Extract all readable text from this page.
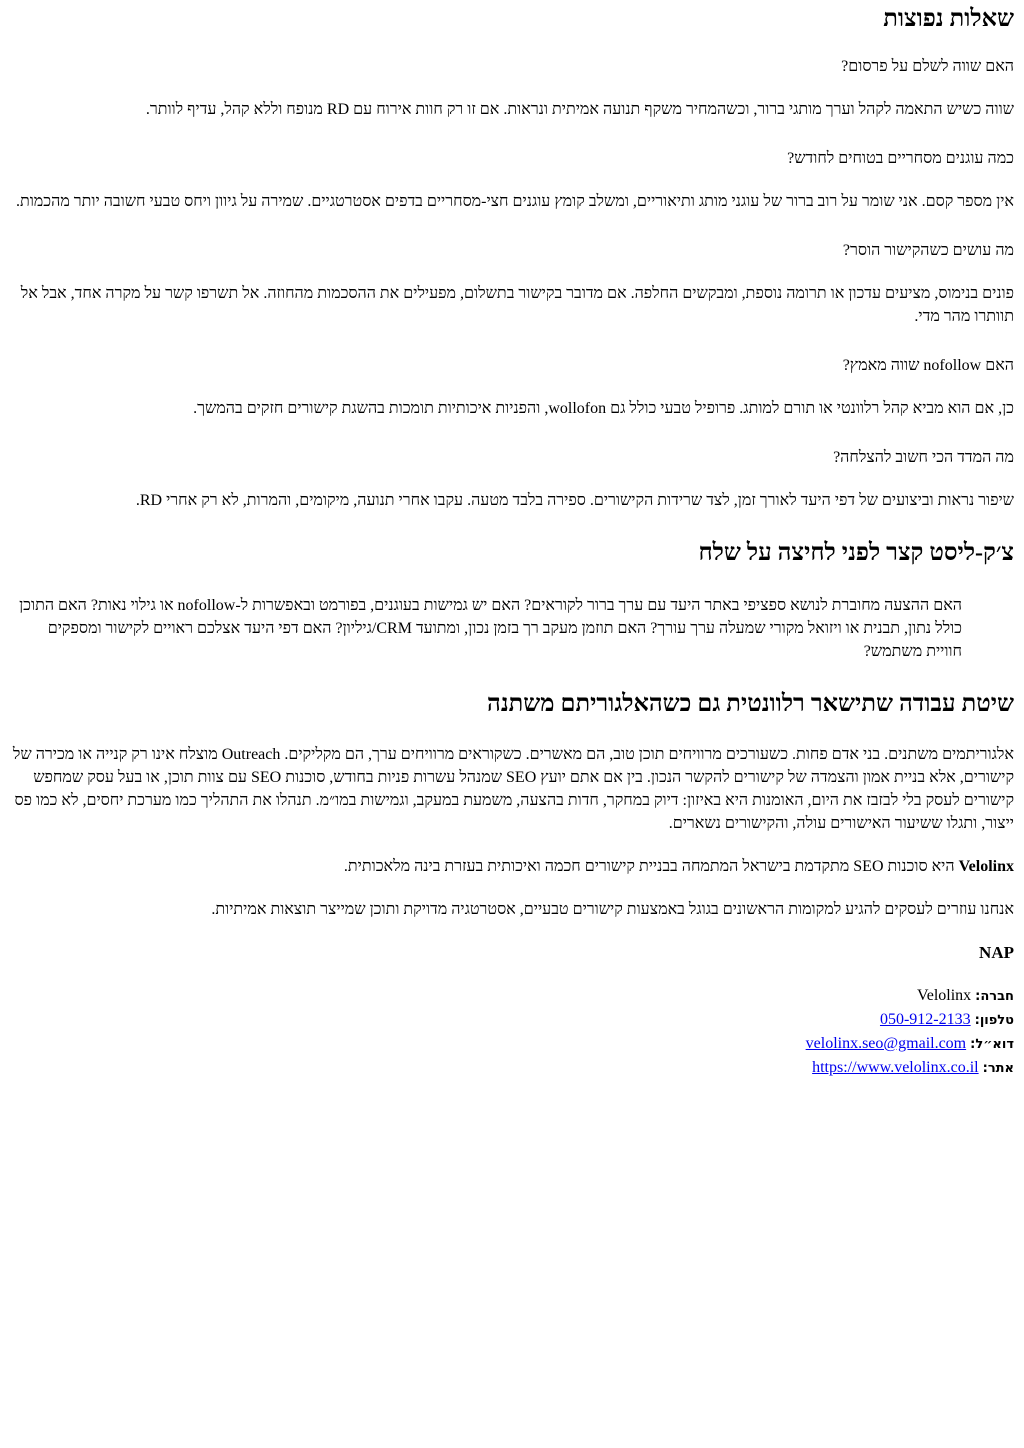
שאלות נפוצות

האם שווה לשלם על פרסום?

שווה כשיש התאמה לקהל וערך מותגי ברור, וכשהמחיר משקף תנועה אמיתית ונראות. אם זו רק חוות אירוח עם RD מנופח וללא קהל, עדיף לוותר.

כמה עוגנים מסחריים בטוחים לחודש?

אין מספר קסם. אני שומר על רוב ברור של עוגני מותג ותיאוריים, ומשלב קומץ עוגנים חצי-מסחריים בדפים אסטרטגיים. שמירה על גיוון ויחס טבעי חשובה יותר מהכמות.

מה עושים כשהקישור הוסר?

פונים בנימוס, מציעים עדכון או תרומה נוספת, ומבקשים החלפה. אם מדובר בקישור בתשלום, מפעילים את ההסכמות מהחוזה. אל תשרפו קשר על מקרה אחד, אבל אל תוותרו מהר מדי.

האם nofollow שווה מאמץ?

כן, אם הוא מביא קהל רלוונטי או תורם למותג. פרופיל טבעי כולל גם wollofon, והפניות איכותיות תומכות בהשגת קישורים חזקים בהמשך.

מה המדד הכי חשוב להצלחה?

שיפור נראות וביצועים של דפי היעד לאורך זמן, לצד שרידות הקישורים. ספירה בלבד מטעה. עקבו אחרי תנועה, מיקומים, והמרות, לא רק אחרי RD.

צ׳ק-ליסט קצר לפני לחיצה על שלח

האם ההצעה מחוברת לנושא ספציפי באתר היעד עם ערך ברור לקוראים? האם יש גמישות בעוגנים, בפורמט ובאפשרות ל-nofollow או גילוי נאות? האם התוכן כולל נתון, תבנית או ויזואל מקורי שמעלה ערך עורך? האם תוזמן מעקב רך בזמן נכון, ומתועד CRM/גיליון? האם דפי היעד אצלכם ראויים לקישור ומספקים חוויית משתמש?

שיטת עבודה שתישאר רלוונטית גם כשהאלגוריתם משתנה

אלגוריתמים משתנים. בני אדם פחות. כשעורכים מרוויחים תוכן טוב, הם מאשרים. כשקוראים מרוויחים ערך, הם מקליקים. Outreach מוצלח אינו רק קנייה או מכירה של קישורים, אלא בניית אמון והצמדה של קישורים להקשר הנכון. בין אם אתם יועץ SEO שמנהל עשרות פניות בחודש, סוכנות SEO עם צוות תוכן, או בעל עסק שמחפש קישורים לעסק בלי לבזבז את היום, האומנות היא באיזון: דיוק במחקר, חדות בהצעה, משמעת במעקב, וגמישות במו״מ. תנהלו את התהליך כמו מערכת יחסים, לא כמו פס ייצור, ותגלו ששיעור האישורים עולה, והקישורים נשארים.

Velolinx היא סוכנות SEO מתקדמת בישראל המתמחה בבניית קישורים חכמה ואיכותית בעזרת בינה מלאכותית.

אנחנו עוזרים לעסקים להגיע למקומות הראשונים בגוגל באמצעות קישורים טבעיים, אסטרטגיה מדויקת ותוכן שמייצר תוצאות אמיתיות.

NAP

חברה: Velolinx
טלפון: 050-912-2133
דוא״ל: velolinx.seo@gmail.com
אתר: https://www.velolinx.co.il
